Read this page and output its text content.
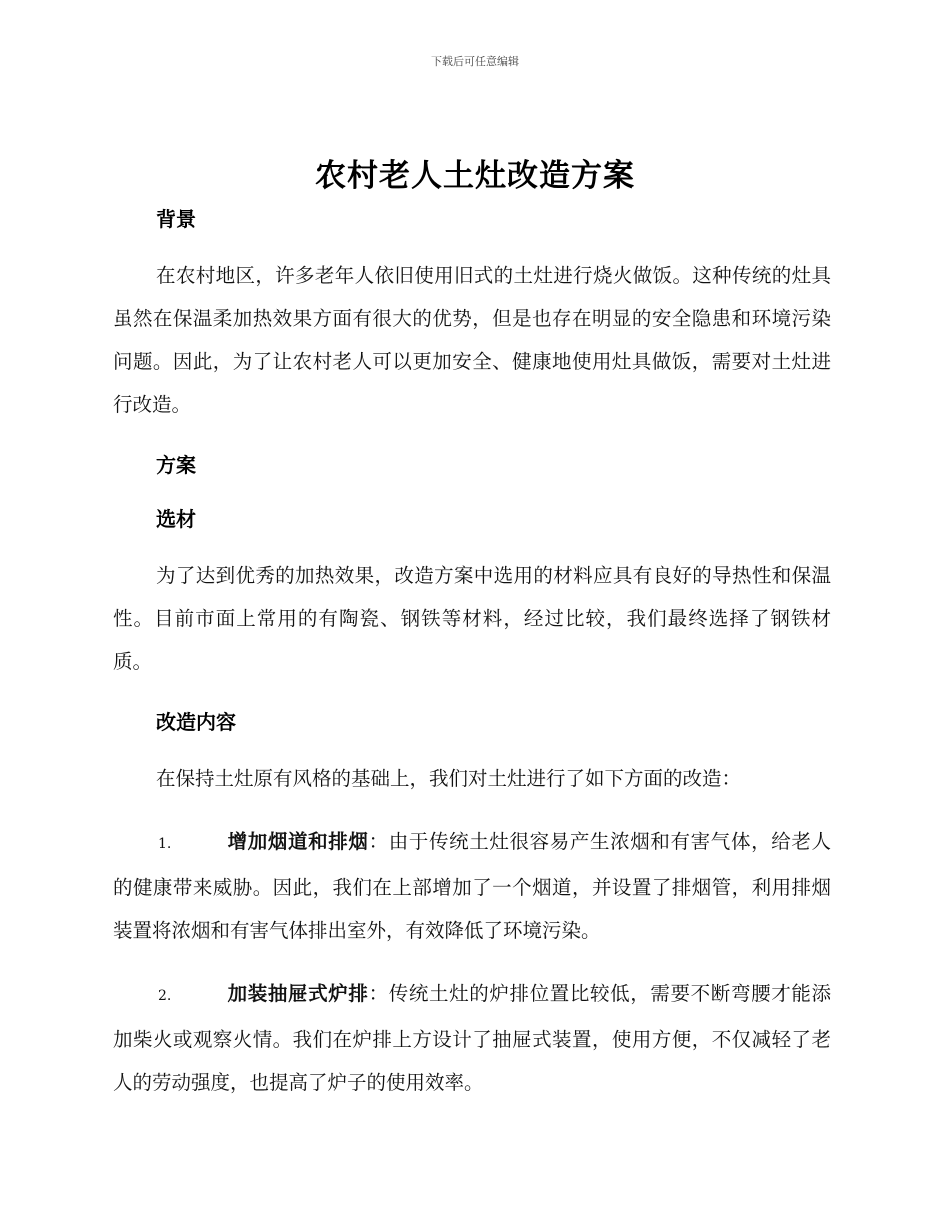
下载后可任意编辑
农村老人土灶改造方案
背景

在农村地区，许多老年人依旧使用旧式的土灶进行烧火做饭。这种传统的灶具虽然在保温柔加热效果方面有很大的优势，但是也存在明显的安全隐患和环境污染问题。因此，为了让农村老人可以更加安全、健康地使用灶具做饭，需要对土灶进行改造。

方案
选材

为了达到优秀的加热效果，改造方案中选用的材料应具有良好的导热性和保温性。目前市面上常用的有陶瓷、钢铁等材料，经过比较，我们最终选择了钢铁材质。

改造内容

在保持土灶原有风格的基础上，我们对土灶进行了如下方面的改造：

1.	增加烟道和排烟：由于传统土灶很容易产生浓烟和有害气体，给老人的健康带来威胁。因此，我们在上部增加了一个烟道，并设置了排烟管，利用排烟装置将浓烟和有害气体排出室外，有效降低了环境污染。

2.	加装抽屉式炉排：传统土灶的炉排位置比较低，需要不断弯腰才能添加柴火或观察火情。我们在炉排上方设计了抽屉式装置，使用方便，不仅减轻了老人的劳动强度，也提高了炉子的使用效率。
